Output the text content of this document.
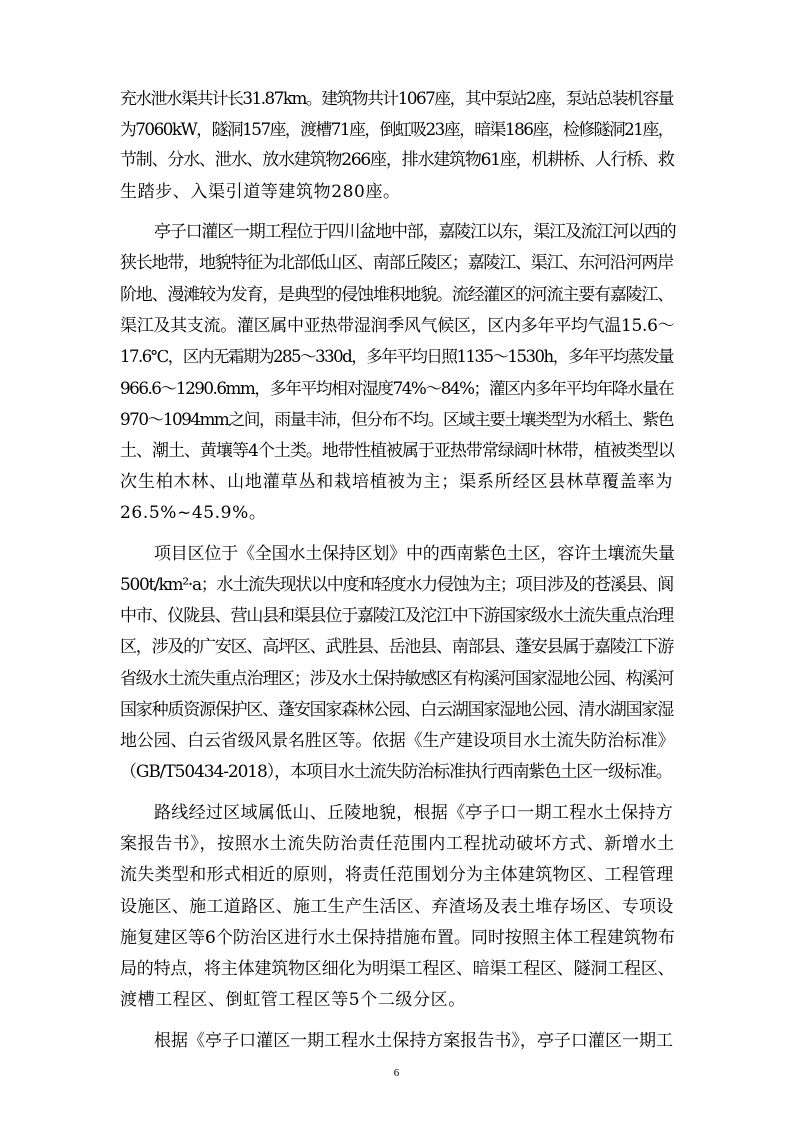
充水泄水渠共计长31.87km。建筑物共计1067座，其中泵站2座，泵站总装机容量
为7060kW，隧洞157座，渡槽71座，倒虹吸23座，暗渠186座，检修隧洞21座，
节制、分水、泄水、放水建筑物266座，排水建筑物61座，机耕桥、人行桥、救
生踏步、入渠引道等建筑物280座。
亭子口灌区一期工程位于四川盆地中部，嘉陵江以东，渠江及流江河以西的
狭长地带，地貌特征为北部低山区、南部丘陵区；嘉陵江、渠江、东河沿河两岸
阶地、漫滩较为发育，是典型的侵蚀堆积地貌。流经灌区的河流主要有嘉陵江、
渠江及其支流。灌区属中亚热带湿润季风气候区，区内多年平均气温15.6～
17.6℃，区内无霜期为285～330d，多年平均日照1135～1530h，多年平均蒸发量
966.6～1290.6mm，多年平均相对湿度74%～84%；灌区内多年平均年降水量在
970～1094mm之间，雨量丰沛，但分布不均。区域主要土壤类型为水稻土、紫色
土、潮土、黄壤等4个土类。地带性植被属于亚热带常绿阔叶林带，植被类型以
次生柏木林、山地灌草丛和栽培植被为主；渠系所经区县林草覆盖率为
26.5%~45.9%。
项目区位于《全国水土保持区划》中的西南紫色土区，容许土壤流失量
500t/km²·a；水土流失现状以中度和轻度水力侵蚀为主；项目涉及的苍溪县、阆
中市、仪陇县、营山县和渠县位于嘉陵江及沱江中下游国家级水土流失重点治理
区，涉及的广安区、高坪区、武胜县、岳池县、南部县、蓬安县属于嘉陵江下游
省级水土流失重点治理区；涉及水土保持敏感区有构溪河国家湿地公园、构溪河
国家种质资源保护区、蓬安国家森林公园、白云湖国家湿地公园、清水湖国家湿
地公园、白云省级风景名胜区等。依据《生产建设项目水土流失防治标准》
（GB/T50434-2018），本项目水土流失防治标准执行西南紫色土区一级标准。
路线经过区域属低山、丘陵地貌，根据《亭子口一期工程水土保持方
案报告书》，按照水土流失防治责任范围内工程扰动破坏方式、新增水土
流失类型和形式相近的原则，将责任范围划分为主体建筑物区、工程管理
设施区、施工道路区、施工生产生活区、弃渣场及表土堆存场区、专项设
施复建区等6个防治区进行水土保持措施布置。同时按照主体工程建筑物布
局的特点，将主体建筑物区细化为明渠工程区、暗渠工程区、隧洞工程区、
渡槽工程区、倒虹管工程区等5个二级分区。
根据《亭子口灌区一期工程水土保持方案报告书》，亭子口灌区一期工
6
